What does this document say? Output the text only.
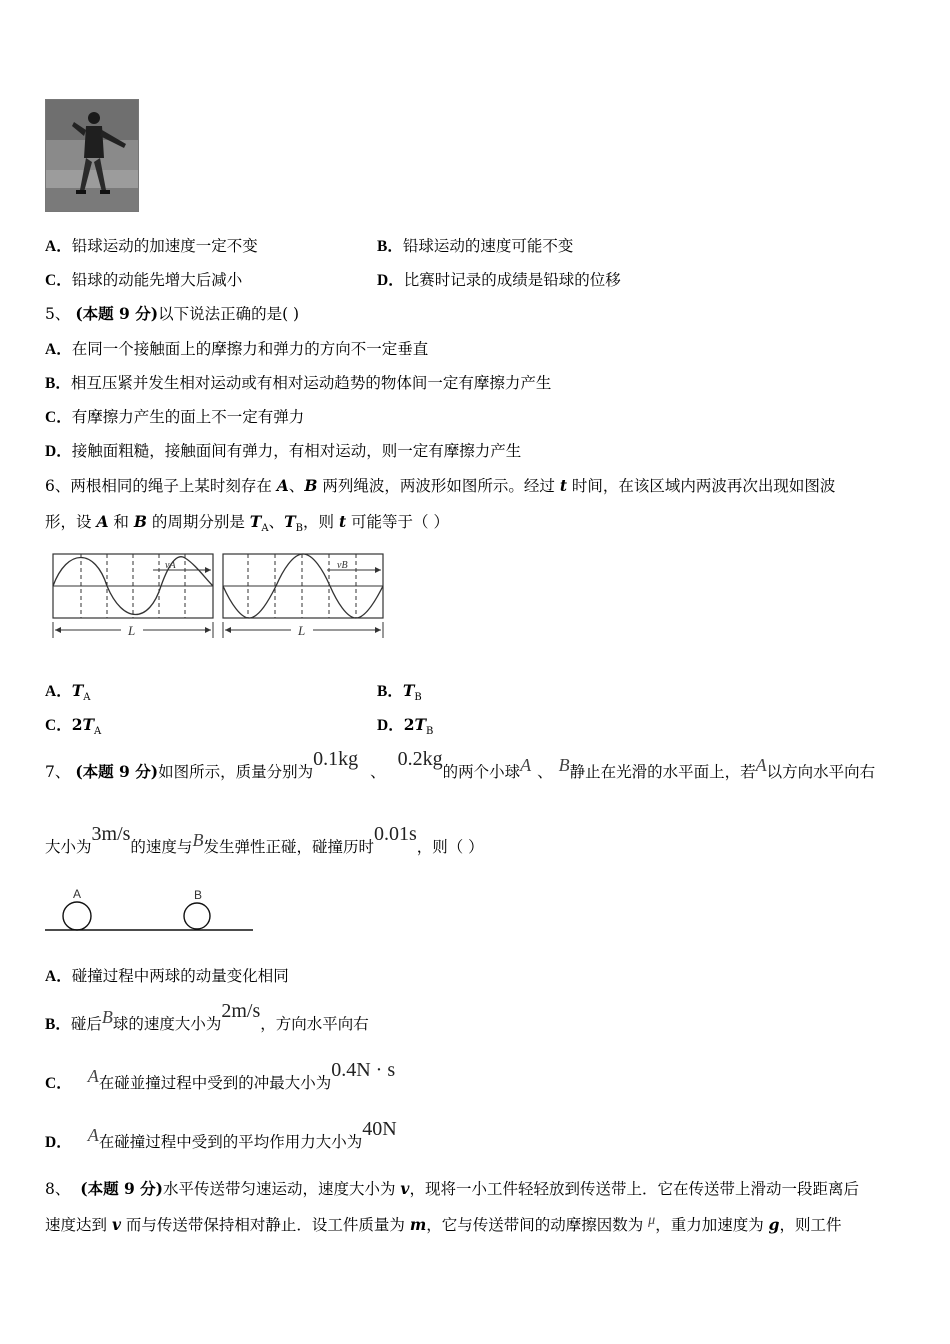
A．铅球运动的加速度一定不变	B．铅球运动的速度可能不变
C．铅球的动能先增大后减小	D．比赛时记录的成绩是铅球的位移
5、 (本题 9 分)以下说法正确的是( )
A．在同一个接触面上的摩擦力和弹力的方向不一定垂直
B．相互压紧并发生相对运动或有相对运动趋势的物体间一定有摩擦力产生
C．有摩擦力产生的面上不一定有弹力
D．接触面粗糙，接触面间有弹力，有相对运动，则一定有摩擦力产生
6、两根相同的绳子上某时刻存在 A、B 两列绳波，两波形如图所示。经过 t 时间，在该区域内两波再次出现如图波
形，设 A 和 B 的周期分别是 $T_A$、$T_B$，则 t 可能等于（ ）
vA
L
vB
L
A．$T_A$	B．$T_B$
C．$2T_A$	D．$2T_B$
7、 (本题 9 分)如图所示，质量分别为0.1kg、0.2kg的两个小球A 、 B静止在光滑的水平面上，若A以方向水平向右
大小为3m/s的速度与B发生弹性正碰，碰撞历时0.01s，则（ ）
A	B
A．碰撞过程中两球的动量变化相同
B．碰后B球的速度大小为2m/s，方向水平向右
C． A在碰並撞过程中受到的冲最大小为0.4N · s
D． A在碰撞过程中受到的平均作用力大小为40N
8、 (本题 9 分)水平传送带匀速运动，速度大小为 v，现将一小工件轻轻放到传送带上．它在传送带上滑动一段距离后
速度达到 v 而与传送带保持相对静止．设工件质量为 m，它与传送带间的动摩擦因数为 μ，重力加速度为 g，则工件
